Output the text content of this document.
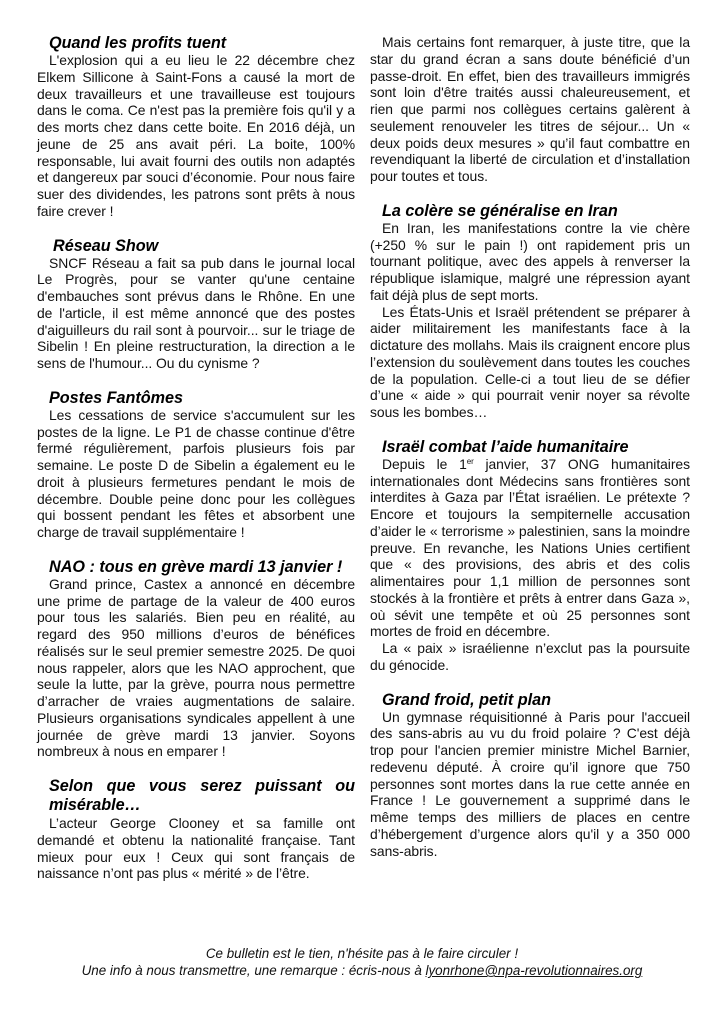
Quand les profits tuent

L'explosion qui a eu lieu le 22 décembre chez Elkem Sillicone à Saint-Fons a causé la mort de deux travailleurs et une travailleuse est toujours dans le coma. Ce n'est pas la première fois qu'il y a des morts chez dans cette boite. En 2016 déjà, un jeune de 25 ans avait péri. La boite, 100% responsable, lui avait fourni des outils non adaptés et dangereux par souci d’économie. Pour nous faire suer des dividendes, les patrons sont prêts à nous faire crever !

Réseau Show

SNCF Réseau a fait sa pub dans le journal local Le Progrès, pour se vanter qu'une centaine d'embauches sont prévus dans le Rhône. En une de l'article, il est même annoncé que des postes d'aiguilleurs du rail sont à pourvoir... sur le triage de Sibelin ! En pleine restructuration, la direction a le sens de l'humour... Ou du cynisme ?

Postes Fantômes

Les cessations de service s'accumulent sur les postes de la ligne. Le P1 de chasse continue d'être fermé régulièrement, parfois plusieurs fois par semaine. Le poste D de Sibelin a également eu le droit à plusieurs fermetures pendant le mois de décembre. Double peine donc pour les collègues qui bossent pendant les fêtes et absorbent une charge de travail supplémentaire !

NAO : tous en grève mardi 13 janvier !

Grand prince, Castex a annoncé en décembre une prime de partage de la valeur de 400 euros pour tous les salariés. Bien peu en réalité, au regard des 950 millions d’euros de bénéfices réalisés sur le seul premier semestre 2025. De quoi nous rappeler, alors que les NAO approchent, que seule la lutte, par la grève, pourra nous permettre d’arracher de vraies augmentations de salaire. Plusieurs organisations syndicales appellent à une journée de grève mardi 13 janvier. Soyons nombreux à nous en emparer !

Selon que vous serez puissant ou misérable…

L’acteur George Clooney et sa famille ont demandé et obtenu la nationalité française. Tant mieux pour eux ! Ceux qui sont français de naissance n’ont pas plus « mérité » de l’être.

Mais certains font remarquer, à juste titre, que la star du grand écran a sans doute bénéficié d’un passe-droit. En effet, bien des travailleurs immigrés sont loin d'être traités aussi chaleureusement, et rien que parmi nos collègues certains galèrent à seulement renouveler les titres de séjour... Un « deux poids deux mesures » qu’il faut combattre en revendiquant la liberté de circulation et d’installation pour toutes et tous.

La colère se généralise en Iran

En Iran, les manifestations contre la vie chère (+250 % sur le pain !) ont rapidement pris un tournant politique, avec des appels à renverser la république islamique, malgré une répression ayant fait déjà plus de sept morts.

Les États-Unis et Israël prétendent se préparer à aider militairement les manifestants face à la dictature des mollahs. Mais ils craignent encore plus l’extension du soulèvement dans toutes les couches de la population. Celle-ci a tout lieu de se défier d’une « aide » qui pourrait venir noyer sa révolte sous les bombes…

Israël combat l’aide humanitaire

Depuis le 1er janvier, 37 ONG humanitaires internationales dont Médecins sans frontières sont interdites à Gaza par l’État israélien. Le prétexte ? Encore et toujours la sempiternelle accusation d’aider le « terrorisme » palestinien, sans la moindre preuve. En revanche, les Nations Unies certifient que « des provisions, des abris et des colis alimentaires pour 1,1 million de personnes sont stockés à la frontière et prêts à entrer dans Gaza », où sévit une tempête et où 25 personnes sont mortes de froid en décembre.

La « paix » israélienne n’exclut pas la poursuite du génocide.

Grand froid, petit plan

Un gymnase réquisitionné à Paris pour l'accueil des sans-abris au vu du froid polaire ? C'est déjà trop pour l'ancien premier ministre Michel Barnier, redevenu député. À croire qu’il ignore que 750 personnes sont mortes dans la rue cette année en France ! Le gouvernement a supprimé dans le même temps des milliers de places en centre d’hébergement d’urgence alors qu'il y a 350 000 sans-abris.

Ce bulletin est le tien, n'hésite pas à le faire circuler !
Une info à nous transmettre, une remarque : écris-nous à lyonrhone@npa-revolutionnaires.org
